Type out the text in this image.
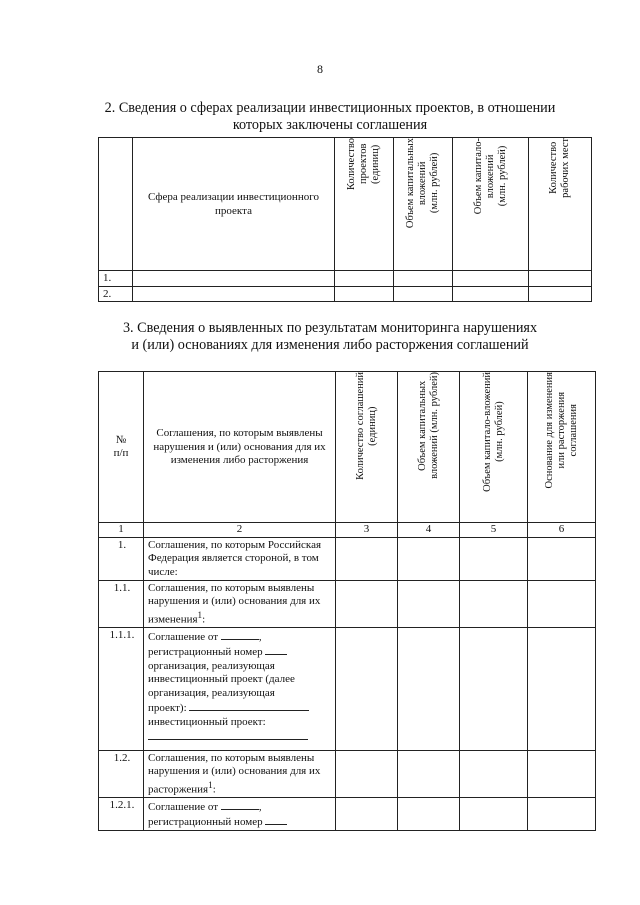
8
2. Сведения о сферах реализации инвестиционных проектов, в отношении
которых заключены соглашения
	Сфера реализации инвестиционного проекта	Количество
проектов
(единиц)	Объем капитальных
вложений
(млн. рублей)	Объем капитало-
вложений
(млн. рублей)	Количество
рабочих мест

1.					
2.					
3. Сведения о выявленных по результатам мониторинга нарушениях
и (или) основаниях для изменения либо расторжения соглашений
№
п/п	Соглашения, по которым выявлены нарушения и (или) основания для их изменения либо расторжения	Количество соглашений
(единиц)	Объем капитальных
вложений (млн. рублей)	Объем капитало-вложений
(млн. рублей)	Основание для изменения
или расторжения
соглашения

1	2	3	4	5	6
1.	Соглашения, по которым Российская Федерация является стороной, в том числе:				
1.1.	Соглашения, по которым выявлены нарушения и (или) основания для их изменения$^1$:				
1.1.1.	Соглашение от ,
регистрационный номер
организация, реализующая инвестиционный проект (далее организация, реализующая
проект):
инвестиционный проект:				

1.2.	Соглашения, по которым выявлены нарушения и (или) основания для их расторжения$^1$:				
1.2.1.	Соглашение от ,
регистрационный номер				
